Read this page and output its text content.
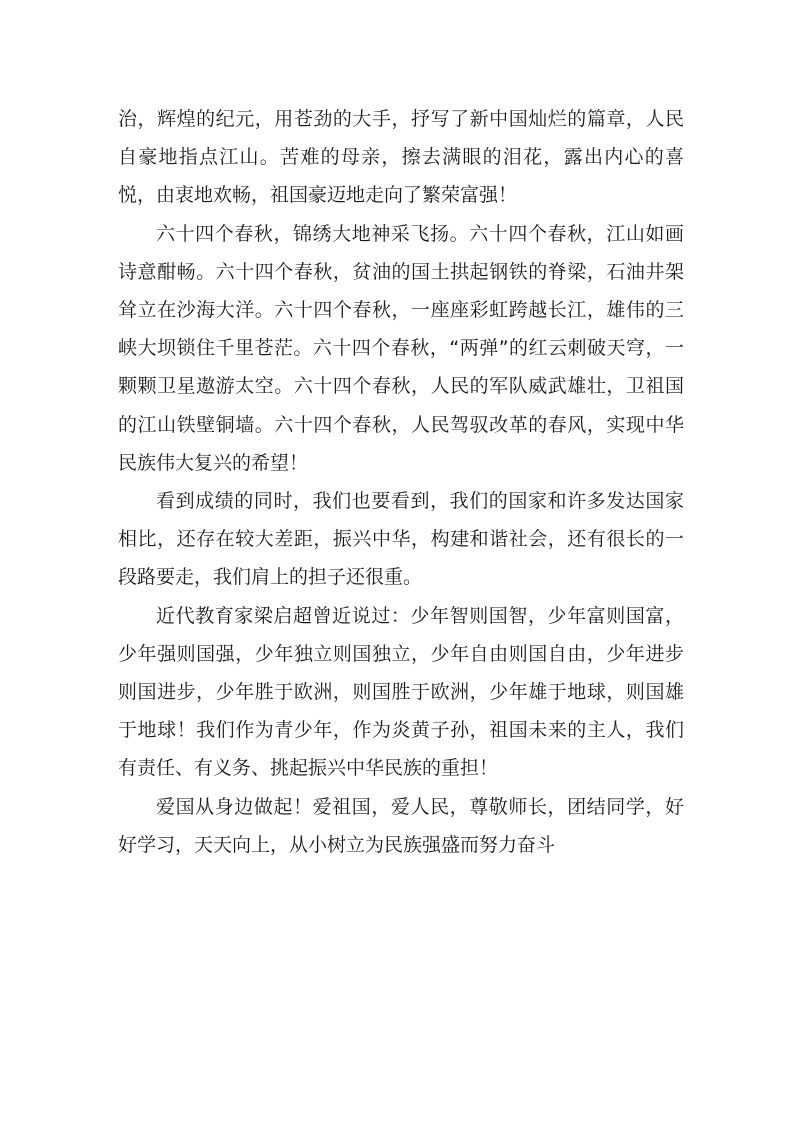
治，辉煌的纪元，用苍劲的大手，抒写了新中国灿烂的篇章，人民自豪地指点江山。苦难的母亲，擦去满眼的泪花，露出内心的喜悦，由衷地欢畅，祖国豪迈地走向了繁荣富强！

六十四个春秋，锦绣大地神采飞扬。六十四个春秋，江山如画诗意酣畅。六十四个春秋，贫油的国土拱起钢铁的脊梁，石油井架耸立在沙海大洋。六十四个春秋，一座座彩虹跨越长江，雄伟的三峡大坝锁住千里苍茫。六十四个春秋，“两弹”的红云刺破天穹，一颗颗卫星遨游太空。六十四个春秋，人民的军队威武雄壮，卫祖国的江山铁壁铜墙。六十四个春秋，人民驾驭改革的春风，实现中华民族伟大复兴的希望！

看到成绩的同时，我们也要看到，我们的国家和许多发达国家相比，还存在较大差距，振兴中华，构建和谐社会，还有很长的一段路要走，我们肩上的担子还很重。

近代教育家梁启超曾近说过：少年智则国智，少年富则国富，少年强则国强，少年独立则国独立，少年自由则国自由，少年进步则国进步，少年胜于欧洲，则国胜于欧洲，少年雄于地球，则国雄于地球！我们作为青少年，作为炎黄子孙，祖国未来的主人，我们有责任、有义务、挑起振兴中华民族的重担！

爱国从身边做起！爱祖国，爱人民，尊敬师长，团结同学，好好学习，天天向上，从小树立为民族强盛而努力奋斗
